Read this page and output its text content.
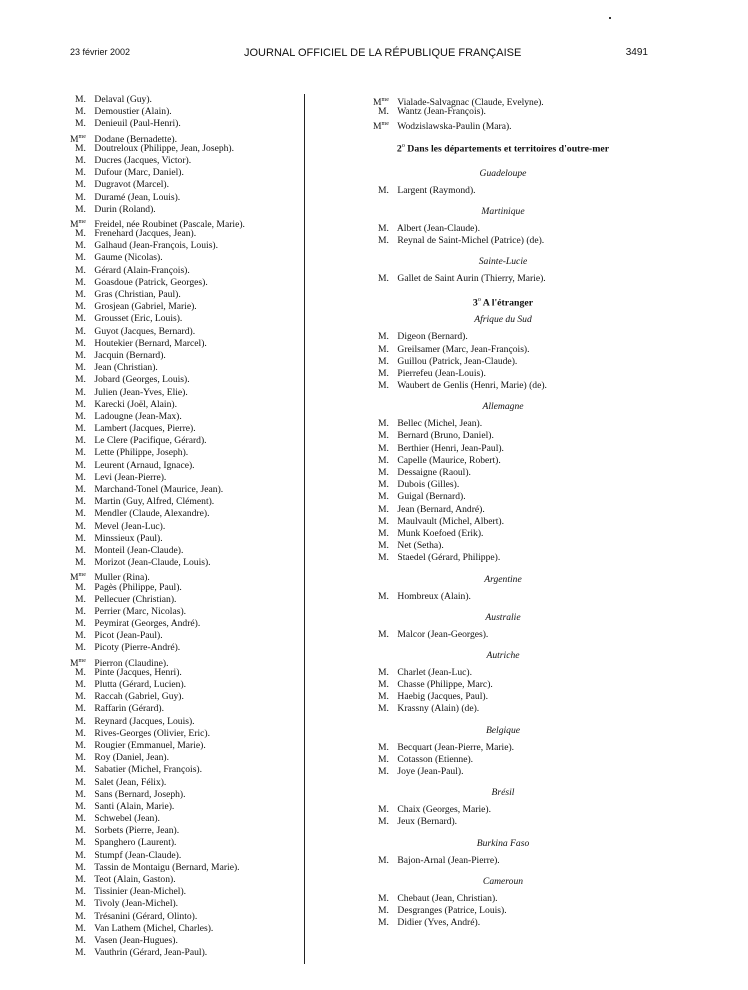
23 février 2002	JOURNAL OFFICIEL DE LA RÉPUBLIQUE FRANÇAISE	3491
M. Delaval (Guy).
M. Demoustier (Alain).
M. Denieuil (Paul-Henri).
$M^{me}$ Dodane (Bernadette).
M. Doutreloux (Philippe, Jean, Joseph).
M. Ducres (Jacques, Victor).
M. Dufour (Marc, Daniel).
M. Dugravot (Marcel).
M. Duramé (Jean, Louis).
M. Durin (Roland).
$M^{me}$ Freidel, née Roubinet (Pascale, Marie).
M. Frenehard (Jacques, Jean).
M. Galhaud (Jean-François, Louis).
M. Gaume (Nicolas).
M. Gérard (Alain-François).
M. Goasdoue (Patrick, Georges).
M. Gras (Christian, Paul).
M. Grosjean (Gabriel, Marie).
M. Grousset (Eric, Louis).
M. Guyot (Jacques, Bernard).
M. Houtekier (Bernard, Marcel).
M. Jacquin (Bernard).
M. Jean (Christian).
M. Jobard (Georges, Louis).
M. Julien (Jean-Yves, Elie).
M. Karecki (Joël, Alain).
M. Ladougne (Jean-Max).
M. Lambert (Jacques, Pierre).
M. Le Clere (Pacifique, Gérard).
M. Lette (Philippe, Joseph).
M. Leurent (Arnaud, Ignace).
M. Levi (Jean-Pierre).
M. Marchand-Tonel (Maurice, Jean).
M. Martin (Guy, Alfred, Clément).
M. Mendler (Claude, Alexandre).
M. Mevel (Jean-Luc).
M. Minssieux (Paul).
M. Monteil (Jean-Claude).
M. Morizot (Jean-Claude, Louis).
$M^{me}$ Muller (Rina).
M. Pagès (Philippe, Paul).
M. Pellecuer (Christian).
M. Perrier (Marc, Nicolas).
M. Peymirat (Georges, André).
M. Picot (Jean-Paul).
M. Picoty (Pierre-André).
$M^{me}$ Pierron (Claudine).
M. Pinte (Jacques, Henri).
M. Plutta (Gérard, Lucien).
M. Raccah (Gabriel, Guy).
M. Raffarin (Gérard).
M. Reynard (Jacques, Louis).
M. Rives-Georges (Olivier, Eric).
M. Rougier (Emmanuel, Marie).
M. Roy (Daniel, Jean).
M. Sabatier (Michel, François).
M. Salet (Jean, Félix).
M. Sans (Bernard, Joseph).
M. Santi (Alain, Marie).
M. Schwebel (Jean).
M. Sorbets (Pierre, Jean).
M. Spanghero (Laurent).
M. Stumpf (Jean-Claude).
M. Tassin de Montaigu (Bernard, Marie).
M. Teot (Alain, Gaston).
M. Tissinier (Jean-Michel).
M. Tivoly (Jean-Michel).
M. Trésanini (Gérard, Olinto).
M. Van Lathem (Michel, Charles).
M. Vasen (Jean-Hugues).
M. Vauthrin (Gérard, Jean-Paul).
$M^{me}$ Vialade-Salvagnac (Claude, Evelyne).
M. Wantz (Jean-François).
$M^{me}$ Wodzislawska-Paulin (Mara).
2$^o$ Dans les départements et territoires d'outre-mer
Guadeloupe
M. Largent (Raymond).
Martinique
M. Albert (Jean-Claude).
M. Reynal de Saint-Michel (Patrice) (de).
Sainte-Lucie
M. Gallet de Saint Aurin (Thierry, Marie).
3$^o$ A l'étranger
Afrique du Sud
M. Digeon (Bernard).
M. Greilsamer (Marc, Jean-François).
M. Guillou (Patrick, Jean-Claude).
M. Pierrefeu (Jean-Louis).
M. Waubert de Genlis (Henri, Marie) (de).
Allemagne
M. Bellec (Michel, Jean).
M. Bernard (Bruno, Daniel).
M. Berthier (Henri, Jean-Paul).
M. Capelle (Maurice, Robert).
M. Dessaigne (Raoul).
M. Dubois (Gilles).
M. Guigal (Bernard).
M. Jean (Bernard, André).
M. Maulvault (Michel, Albert).
M. Munk Koefoed (Erik).
M. Net (Setha).
M. Staedel (Gérard, Philippe).
Argentine
M. Hombreux (Alain).
Australie
M. Malcor (Jean-Georges).
Autriche
M. Charlet (Jean-Luc).
M. Chasse (Philippe, Marc).
M. Haebig (Jacques, Paul).
M. Krassny (Alain) (de).
Belgique
M. Becquart (Jean-Pierre, Marie).
M. Cotasson (Etienne).
M. Joye (Jean-Paul).
Brésil
M. Chaix (Georges, Marie).
M. Jeux (Bernard).
Burkina Faso
M. Bajon-Arnal (Jean-Pierre).
Cameroun
M. Chebaut (Jean, Christian).
M. Desgranges (Patrice, Louis).
M. Didier (Yves, André).
